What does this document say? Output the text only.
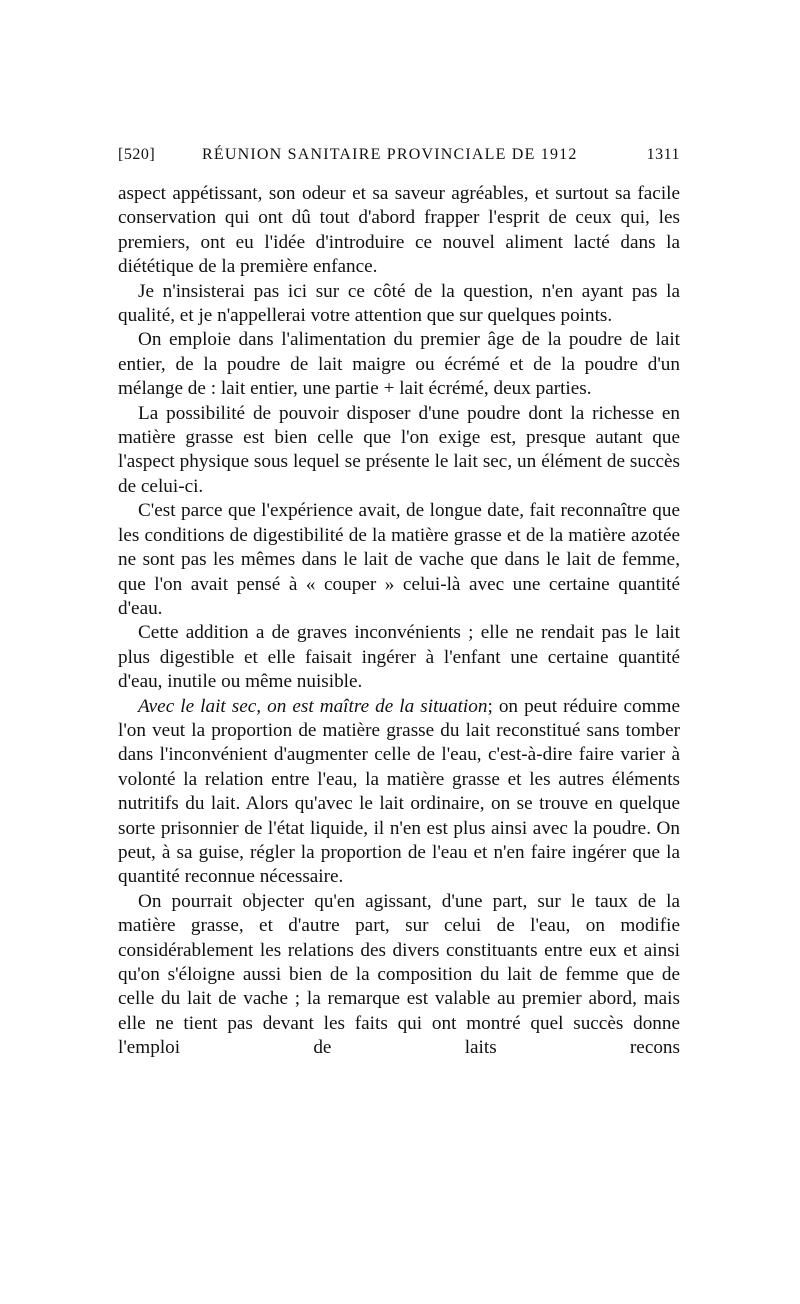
[520]	RÉUNION SANITAIRE PROVINCIALE DE 1912	1311

aspect appétissant, son odeur et sa saveur agréables, et surtout sa facile conservation qui ont dû tout d'abord frapper l'esprit de ceux qui, les premiers, ont eu l'idée d'introduire ce nouvel aliment lacté dans la diététique de la première enfance.

Je n'insisterai pas ici sur ce côté de la question, n'en ayant pas la qualité, et je n'appellerai votre attention que sur quelques points.

On emploie dans l'alimentation du premier âge de la poudre de lait entier, de la poudre de lait maigre ou écrémé et de la poudre d'un mélange de : lait entier, une partie + lait écrémé, deux parties.

La possibilité de pouvoir disposer d'une poudre dont la richesse en matière grasse est bien celle que l'on exige est, presque autant que l'aspect physique sous lequel se présente le lait sec, un élément de succès de celui-ci.

C'est parce que l'expérience avait, de longue date, fait reconnaître que les conditions de digestibilité de la matière grasse et de la matière azotée ne sont pas les mêmes dans le lait de vache que dans le lait de femme, que l'on avait pensé à « couper » celui-là avec une certaine quantité d'eau.

Cette addition a de graves inconvénients ; elle ne rendait pas le lait plus digestible et elle faisait ingérer à l'enfant une certaine quantité d'eau, inutile ou même nuisible.

Avec le lait sec, on est maître de la situation; on peut réduire comme l'on veut la proportion de matière grasse du lait reconstitué sans tomber dans l'inconvénient d'augmenter celle de l'eau, c'est-à-dire faire varier à volonté la relation entre l'eau, la matière grasse et les autres éléments nutritifs du lait. Alors qu'avec le lait ordinaire, on se trouve en quelque sorte prisonnier de l'état liquide, il n'en est plus ainsi avec la poudre. On peut, à sa guise, régler la proportion de l'eau et n'en faire ingérer que la quantité reconnue nécessaire.

On pourrait objecter qu'en agissant, d'une part, sur le taux de la matière grasse, et d'autre part, sur celui de l'eau, on modifie considérablement les relations des divers constituants entre eux et ainsi qu'on s'éloigne aussi bien de la composition du lait de femme que de celle du lait de vache ; la remarque est valable au premier abord, mais elle ne tient pas devant les faits qui ont montré quel succès donne l'emploi de laits recons
